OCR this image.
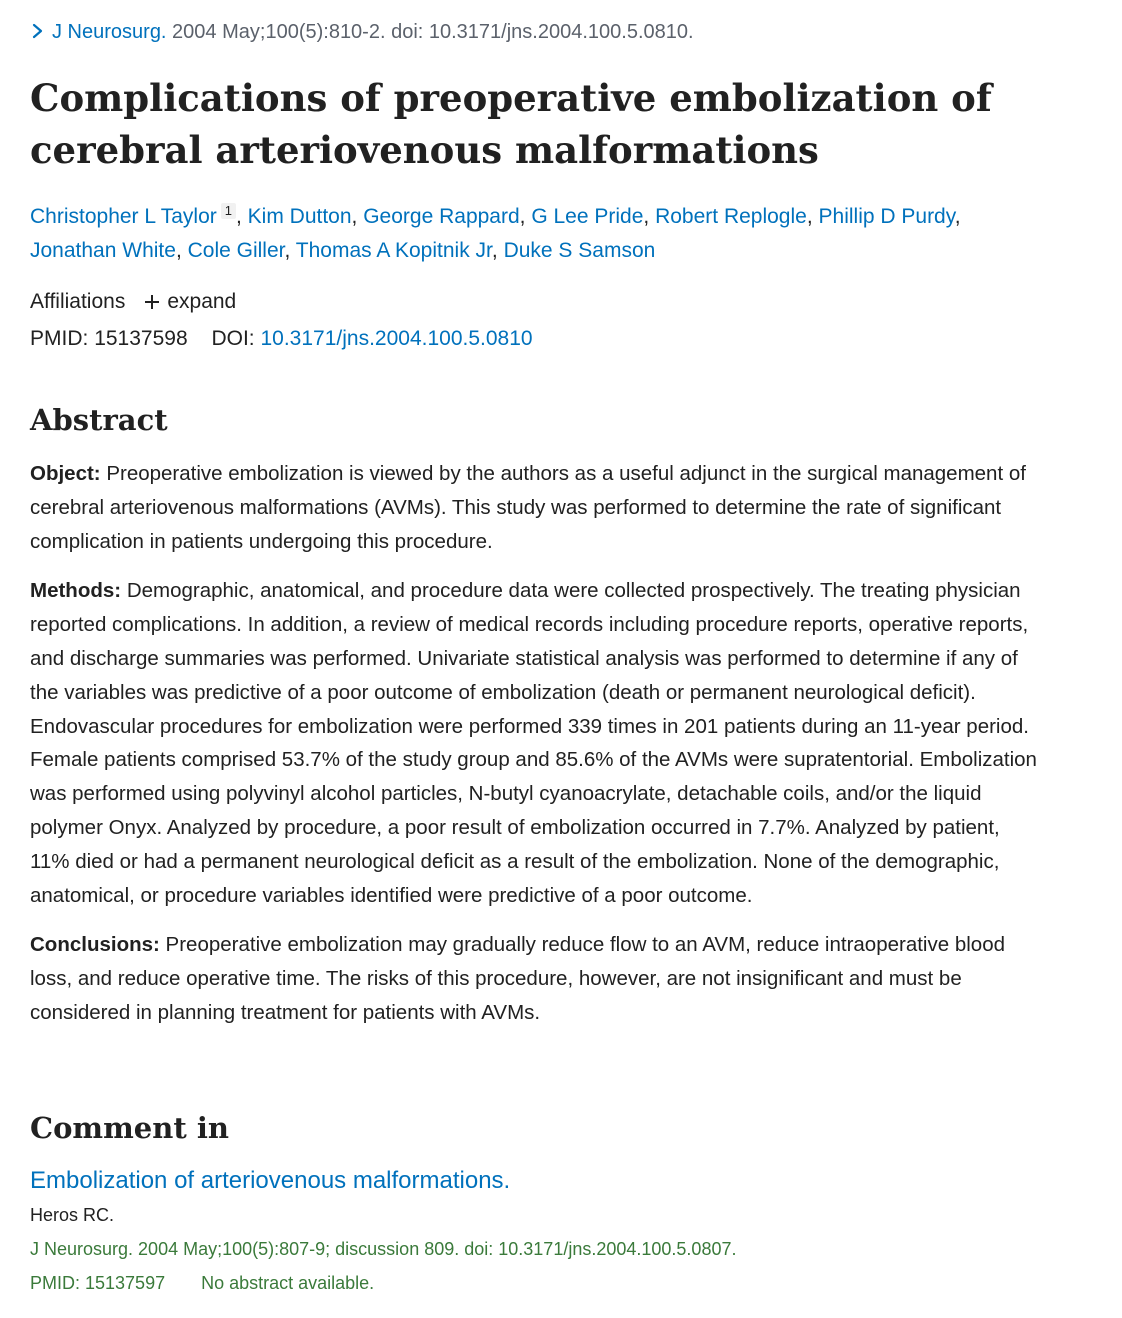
J Neurosurg. 2004 May;100(5):810-2. doi: 10.3171/jns.2004.100.5.0810.
Complications of preoperative embolization of cerebral arteriovenous malformations
Christopher L Taylor 1 , Kim Dutton, George Rappard, G Lee Pride, Robert Replogle, Phillip D Purdy, Jonathan White, Cole Giller, Thomas A Kopitnik Jr, Duke S Samson
Affiliations expand
PMID: 15137598 DOI: 10.3171/jns.2004.100.5.0810
Abstract

Object: Preoperative embolization is viewed by the authors as a useful adjunct in the surgical management of cerebral arteriovenous malformations (AVMs). This study was performed to determine the rate of significant complication in patients undergoing this procedure.

Methods: Demographic, anatomical, and procedure data were collected prospectively. The treating physician reported complications. In addition, a review of medical records including procedure reports, operative reports, and discharge summaries was performed. Univariate statistical analysis was performed to determine if any of the variables was predictive of a poor outcome of embolization (death or permanent neurological deficit). Endovascular procedures for embolization were performed 339 times in 201 patients during an 11-year period. Female patients comprised 53.7% of the study group and 85.6% of the AVMs were supratentorial. Embolization was performed using polyvinyl alcohol particles, N-butyl cyanoacrylate, detachable coils, and/or the liquid polymer Onyx. Analyzed by procedure, a poor result of embolization occurred in 7.7%. Analyzed by patient, 11% died or had a permanent neurological deficit as a result of the embolization. None of the demographic, anatomical, or procedure variables identified were predictive of a poor outcome.

Conclusions: Preoperative embolization may gradually reduce flow to an AVM, reduce intraoperative blood loss, and reduce operative time. The risks of this procedure, however, are not insignificant and must be considered in planning treatment for patients with AVMs.

Comment in
Embolization of arteriovenous malformations.
Heros RC.
J Neurosurg. 2004 May;100(5):807-9; discussion 809. doi: 10.3171/jns.2004.100.5.0807.
PMID: 15137597 No abstract available.
